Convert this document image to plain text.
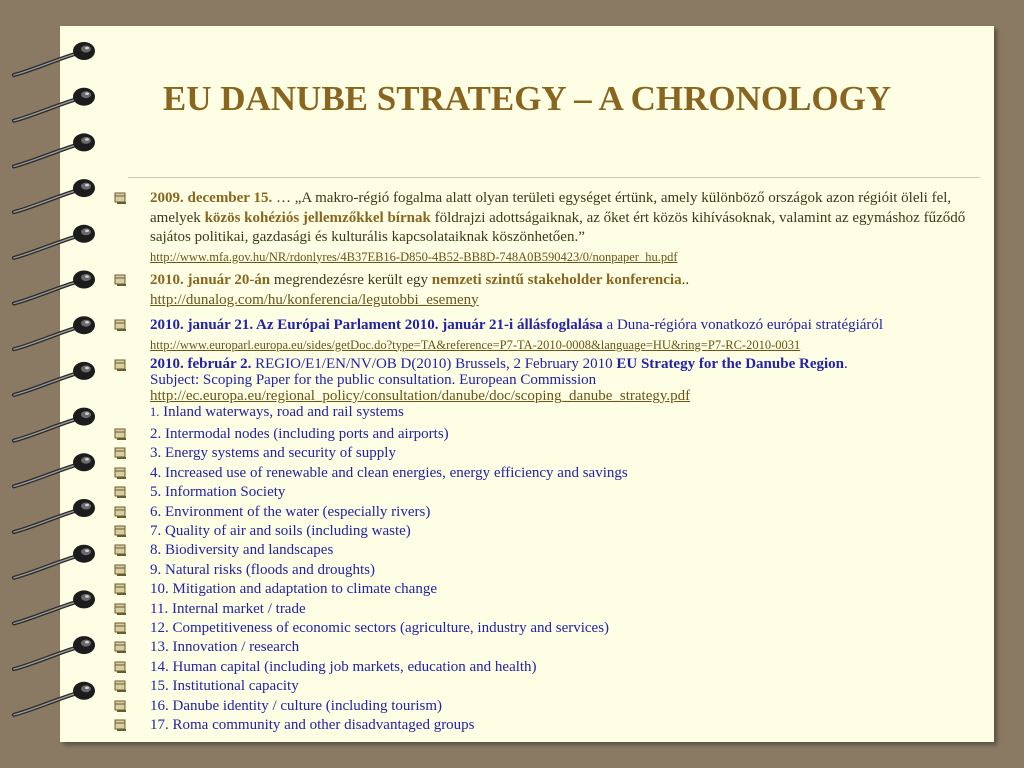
EU DANUBE STRATEGY – A CHRONOLOGY
2009. december 15. … „A makro-régió fogalma alatt olyan területi egységet értünk, amely különböző országok azon régióit öleli fel, amelyek közös kohéziós jellemzőkkel bírnak földrajzi adottságaiknak, az őket ért közös kihívásoknak, valamint az egymáshoz fűződő sajátos politikai, gazdasági és kulturális kapcsolataiknak köszönhetően.”
http://www.mfa.gov.hu/NR/rdonlyres/4B37EB16-D850-4B52-BB8D-748A0B590423/0/nonpaper_hu.pdf
2010. január 20-án megrendezésre került egy nemzeti szintű stakeholder konferencia..
http://dunalog.com/hu/konferencia/legutobbi_esemeny
2010. január 21. Az Európai Parlament 2010. január 21-i állásfoglalása a Duna-régióra vonatkozó európai stratégiáról
http://www.europarl.europa.eu/sides/getDoc.do?type=TA&reference=P7-TA-2010-0008&language=HU&ring=P7-RC-2010-0031
2010. február 2. REGIO/E1/EN/NV/OB D(2010) Brussels, 2 February 2010 EU Strategy for the Danube Region.
Subject: Scoping Paper for the public consultation. European Commission
http://ec.europa.eu/regional_policy/consultation/danube/doc/scoping_danube_strategy.pdf
1. Inland waterways, road and rail systems
2. Intermodal nodes (including ports and airports)
3. Energy systems and security of supply
4. Increased use of renewable and clean energies, energy efficiency and savings
5. Information Society
6. Environment of the water (especially rivers)
7. Quality of air and soils (including waste)
8. Biodiversity and landscapes
9. Natural risks (floods and droughts)
10. Mitigation and adaptation to climate change
11. Internal market / trade
12. Competitiveness of economic sectors (agriculture, industry and services)
13. Innovation / research
14. Human capital (including job markets, education and health)
15. Institutional capacity
16. Danube identity / culture (including tourism)
17. Roma community and other disadvantaged groups
